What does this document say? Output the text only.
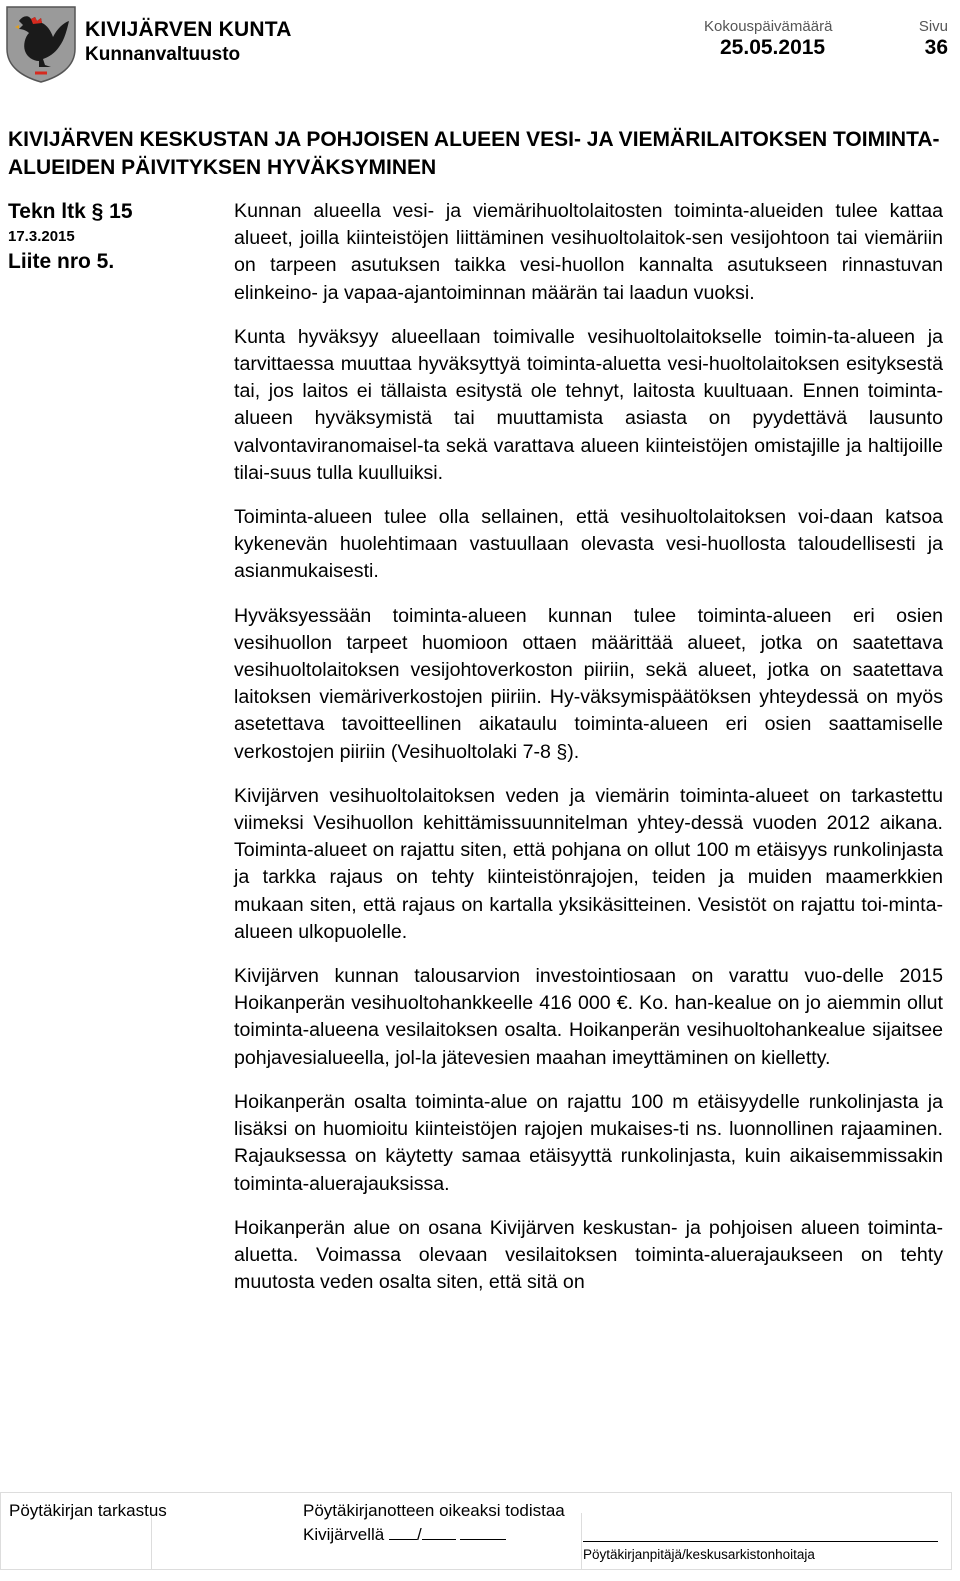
KIVIJÄRVEN KUNTA
Kunnanvaltuusto
Kokouspäivämäärä
25.05.2015
Sivu
36
KIVIJÄRVEN KESKUSTAN JA POHJOISEN ALUEEN VESI- JA VIEMÄRILAITOKSEN TOIMINTA-ALUEIDEN PÄIVITYKSEN HYVÄKSYMINEN
Tekn ltk § 15
17.3.2015
Liite nro 5.

Kunnan alueella vesi- ja viemärihuoltolaitosten toiminta-alueiden tulee kattaa alueet, joilla kiinteistöjen liittäminen vesihuoltolaitok-sen vesijohtoon tai viemäriin on tarpeen asutuksen taikka vesi-huollon kannalta asutukseen rinnastuvan elinkeino- ja vapaa-ajantoiminnan määrän tai laadun vuoksi.

Kunta hyväksyy alueellaan toimivalle vesihuoltolaitokselle toimin-ta-alueen ja tarvittaessa muuttaa hyväksyttyä toiminta-aluetta vesi-huoltolaitoksen esityksestä tai, jos laitos ei tällaista esitystä ole tehnyt, laitosta kuultuaan. Ennen toiminta-alueen hyväksymistä tai muuttamista asiasta on pyydettävä lausunto valvontaviranomaisel-ta sekä varattava alueen kiinteistöjen omistajille ja haltijoille tilai-suus tulla kuulluiksi.

Toiminta-alueen tulee olla sellainen, että vesihuoltolaitoksen voi-daan katsoa kykenevän huolehtimaan vastuullaan olevasta vesi-huollosta taloudellisesti ja asianmukaisesti.

Hyväksyessään toiminta-alueen kunnan tulee toiminta-alueen eri osien vesihuollon tarpeet huomioon ottaen määrittää alueet, jotka on saatettava vesihuoltolaitoksen vesijohtoverkoston piiriin, sekä alueet, jotka on saatettava laitoksen viemäriverkostojen piiriin. Hy-väksymispäätöksen yhteydessä on myös asetettava tavoitteellinen aikataulu toiminta-alueen eri osien saattamiselle verkostojen piiriin (Vesihuoltolaki 7-8 §).

Kivijärven vesihuoltolaitoksen veden ja viemärin toiminta-alueet on tarkastettu viimeksi Vesihuollon kehittämissuunnitelman yhtey-dessä vuoden 2012 aikana. Toiminta-alueet on rajattu siten, että pohjana on ollut 100 m etäisyys runkolinjasta ja tarkka rajaus on tehty kiinteistönrajojen, teiden ja muiden maamerkkien mukaan siten, että rajaus on kartalla yksikäsitteinen. Vesistöt on rajattu toi-minta-alueen ulkopuolelle.

Kivijärven kunnan talousarvion investointiosaan on varattu vuo-delle 2015 Hoikanperän vesihuoltohankkeelle 416 000 €. Ko. han-kealue on jo aiemmin ollut toiminta-alueena vesilaitoksen osalta. Hoikanperän vesihuoltohankealue sijaitsee pohjavesialueella, jol-la jätevesien maahan imeyttäminen on kielletty.

Hoikanperän osalta toiminta-alue on rajattu 100 m etäisyydelle runkolinjasta ja lisäksi on huomioitu kiinteistöjen rajojen mukaises-ti ns. luonnollinen rajaaminen. Rajauksessa on käytetty samaa etäisyyttä runkolinjasta, kuin aikaisemmissakin toiminta-aluerajauksissa.

Hoikanperän alue on osana Kivijärven keskustan- ja pohjoisen alueen toiminta-aluetta. Voimassa olevaan vesilaitoksen toiminta-aluerajaukseen on tehty muutosta veden osalta siten, että sitä on

Pöytäkirjan tarkastus	Pöytäkirjanotteen oikeaksi todistaa
Kivijärvellä /
Pöytäkirjanpitäjä/keskusarkistonhoitaja
